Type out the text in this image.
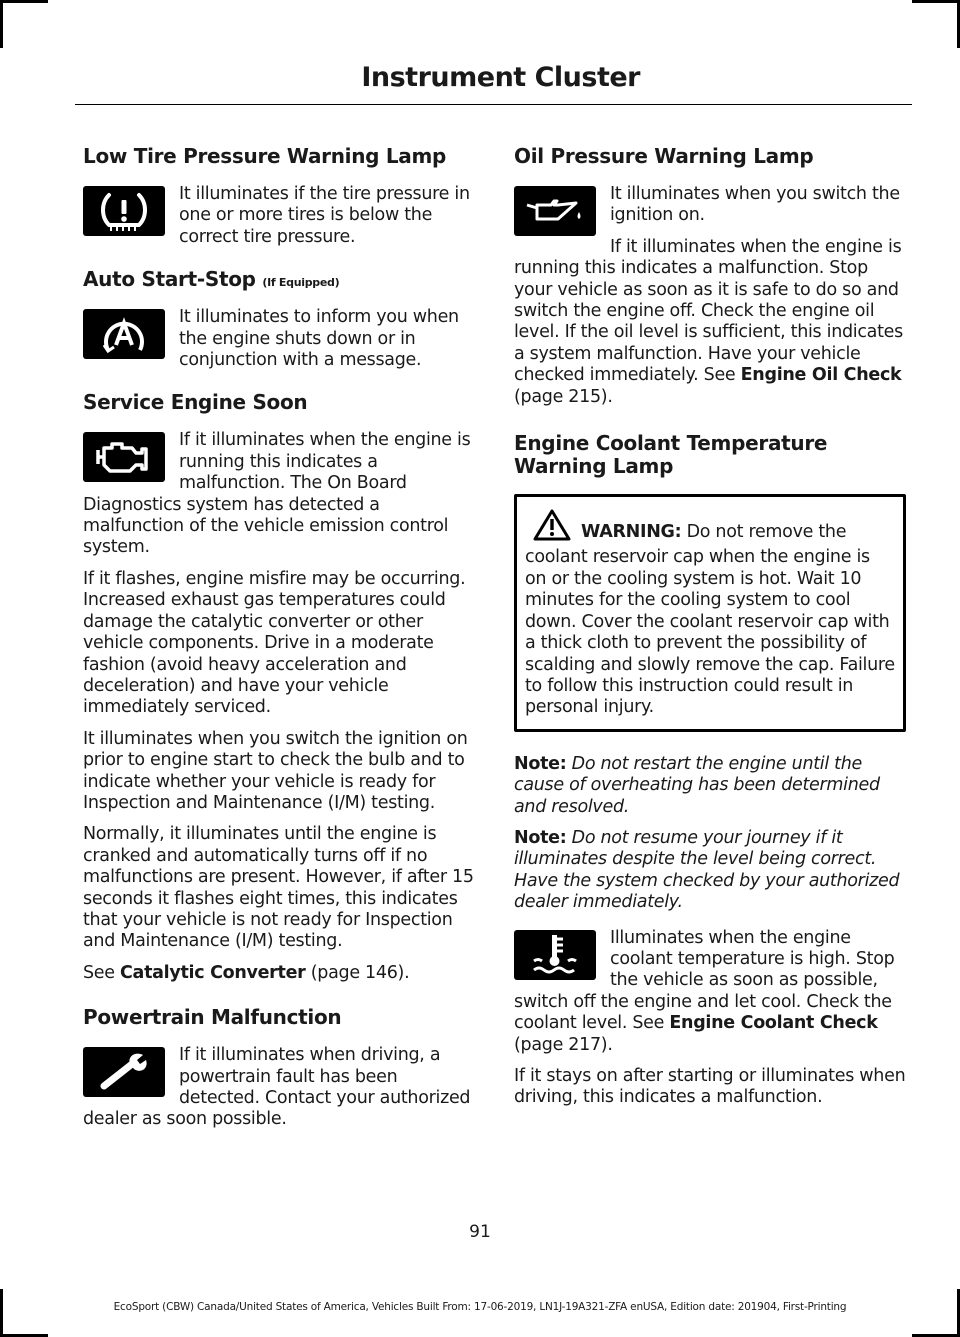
Instrument Cluster
Low Tire Pressure Warning Lamp

It illuminates if the tire pressure in one or more tires is below the correct tire pressure.

Auto Start-Stop (If Equipped)

It illuminates to inform you when the engine shuts down or in conjunction with a message.

Service Engine Soon

If it illuminates when the engine is running this indicates a malfunction. The On Board Diagnostics system has detected a malfunction of the vehicle emission control system.

If it flashes, engine misfire may be occurring. Increased exhaust gas temperatures could damage the catalytic converter or other vehicle components. Drive in a moderate fashion (avoid heavy acceleration and deceleration) and have your vehicle immediately serviced.

It illuminates when you switch the ignition on prior to engine start to check the bulb and to indicate whether your vehicle is ready for Inspection and Maintenance (I/M) testing.

Normally, it illuminates until the engine is cranked and automatically turns off if no malfunctions are present. However, if after 15 seconds it flashes eight times, this indicates that your vehicle is not ready for Inspection and Maintenance (I/M) testing.

See Catalytic Converter (page 146).

Powertrain Malfunction

If it illuminates when driving, a powertrain fault has been detected. Contact your authorized dealer as soon possible.

Oil Pressure Warning Lamp

It illuminates when you switch the ignition on.

If it illuminates when the engine is running this indicates a malfunction. Stop your vehicle as soon as it is safe to do so and switch the engine off. Check the engine oil level. If the oil level is sufficient, this indicates a system malfunction. Have your vehicle checked immediately. See Engine Oil Check (page 215).

Engine Coolant Temperature
Warning Lamp
WARNING: Do not remove the coolant reservoir cap when the engine is on or the cooling system is hot. Wait 10 minutes for the cooling system to cool down. Cover the coolant reservoir cap with a thick cloth to prevent the possibility of scalding and slowly remove the cap. Failure to follow this instruction could result in personal injury.

Note: Do not restart the engine until the cause of overheating has been determined and resolved.

Note: Do not resume your journey if it illuminates despite the level being correct. Have the system checked by your authorized dealer immediately.

Illuminates when the engine coolant temperature is high. Stop the vehicle as soon as possible, switch off the engine and let cool. Check the coolant level. See Engine Coolant Check (page 217).

If it stays on after starting or illuminates when driving, this indicates a malfunction.

91
EcoSport (CBW) Canada/United States of America, Vehicles Built From: 17-06-2019, LN1J-19A321-ZFA enUSA, Edition date: 201904, First-Printing
